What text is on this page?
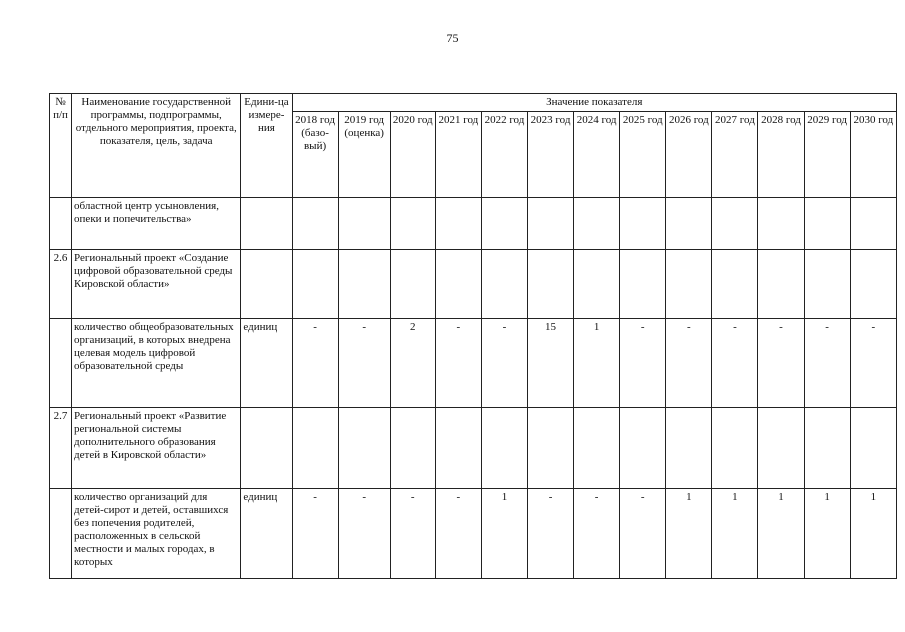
75
№ п/п	Наименование государственной программы, подпрограммы, отдельного мероприятия, проекта, показателя, цель, задача	Едини-ца измере-ния	Значение показателя												
			2018 год (базо-вый)	2019 год (оценка)	2020 год	2021 год	2022 год	2023 год	2024 год	2025 год	2026 год	2027 год	2028 год	2029 год	2030 год
	областной центр усыновления, опеки и попечительства»														
2.6	Региональный проект «Создание цифровой образовательной среды Кировской области»														
	количество общеобразовательных организаций, в которых внедрена целевая модель цифровой образовательной среды	единиц	-	-	2	-	-	15	1	-	-	-	-	-	-
2.7	Региональный проект «Развитие региональной системы дополнительного образования детей в Кировской области»														
	количество организаций для детей-сирот и детей, оставшихся без попечения родителей, расположенных в сельской местности и малых городах, в которых	единиц	-	-	-	-	1	-	-	-	1	1	1	1	1
